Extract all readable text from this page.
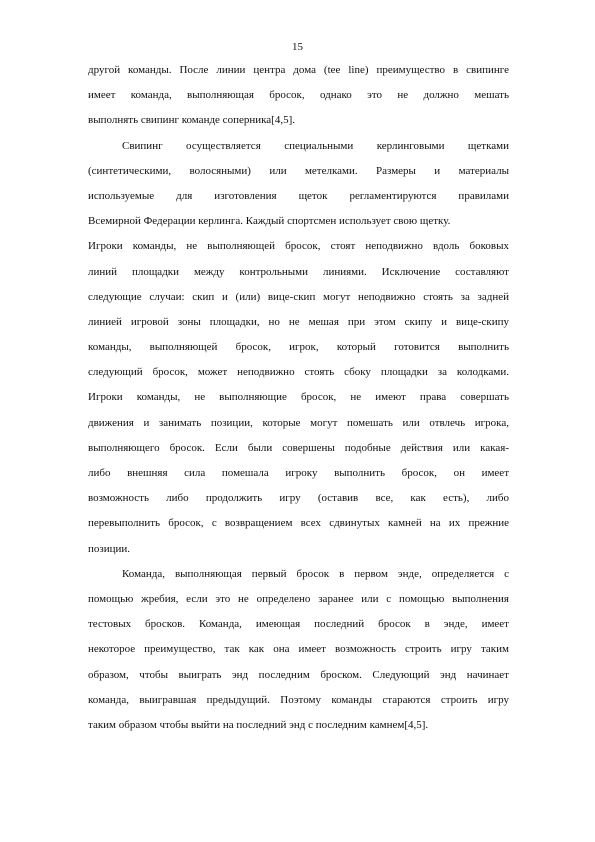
15
другой команды. После линии центра дома (tee line) преимущество в свипинге
имеет команда, выполняющая бросок, однако это не должно мешать
выполнять свипинг команде соперника[4,5].
Свипинг осуществляется специальными керлинговыми щетками
(синтетическими, волосяными) или метелками. Размеры и материалы
используемые для изготовления щеток регламентируются правилами
Всемирной Федерации керлинга. Каждый спортсмен использует свою щетку.
Игроки команды, не выполняющей бросок, стоят неподвижно вдоль боковых
линий площадки между контрольными линиями. Исключение составляют
следующие случаи: скип и (или) вице-скип могут неподвижно стоять за задней
линией игровой зоны площадки, но не мешая при этом скипу и вице-скипу
команды, выполняющей бросок, игрок, который готовится выполнить
следующий бросок, может неподвижно стоять сбоку площадки за колодками.
Игроки команды, не выполняющие бросок, не имеют права совершать
движения и занимать позиции, которые могут помешать или отвлечь игрока,
выполняющего бросок. Если были совершены подобные действия или какая-
либо внешняя сила помешала игроку выполнить бросок, он имеет
возможность либо продолжить игру (оставив все, как есть), либо
перевыполнить бросок, с возвращением всех сдвинутых камней на их прежние
позиции.
Команда, выполняющая первый бросок в первом энде, определяется с
помощью жребия, если это не определено заранее или с помощью выполнения
тестовых бросков. Команда, имеющая последний бросок в энде, имеет
некоторое преимущество, так как она имеет возможность строить игру таким
образом, чтобы выиграть энд последним броском. Следующий энд начинает
команда, выигравшая предыдущий. Поэтому команды стараются строить игру
таким образом чтобы выйти на последний энд с последним камнем[4,5].
